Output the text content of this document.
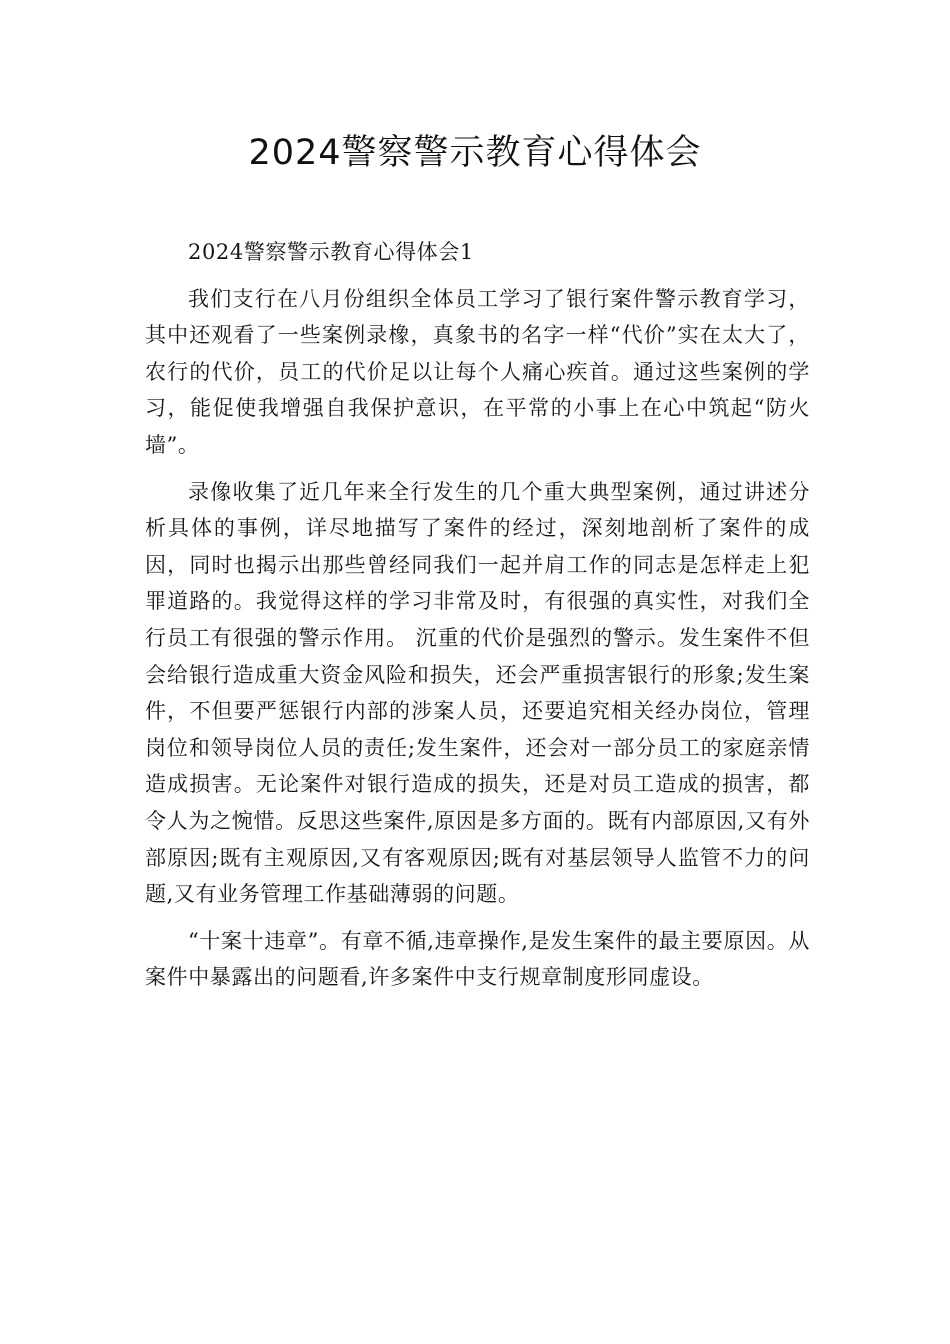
2024警察警示教育心得体会

2024警察警示教育心得体会1

我们支行在八月份组织全体员工学习了银行案件警示教育学习，其中还观看了一些案例录橡，真象书的名字一样“代价”实在太大了，农行的代价，员工的代价足以让每个人痛心疾首。通过这些案例的学习，能促使我增强自我保护意识，在平常的小事上在心中筑起“防火墙”。

录像收集了近几年来全行发生的几个重大典型案例，通过讲述分析具体的事例，详尽地描写了案件的经过，深刻地剖析了案件的成因，同时也揭示出那些曾经同我们一起并肩工作的同志是怎样走上犯罪道路的。我觉得这样的学习非常及时，有很强的真实性，对我们全行员工有很强的警示作用。 沉重的代价是强烈的警示。发生案件不但会给银行造成重大资金风险和损失，还会严重损害银行的形象;发生案件，不但要严惩银行内部的涉案人员，还要追究相关经办岗位，管理岗位和领导岗位人员的责任;发生案件，还会对一部分员工的家庭亲情造成损害。无论案件对银行造成的损失，还是对员工造成的损害，都令人为之惋惜。反思这些案件,原因是多方面的。既有内部原因,又有外部原因;既有主观原因,又有客观原因;既有对基层领导人监管不力的问题,又有业务管理工作基础薄弱的问题。

“十案十违章”。有章不循,违章操作,是发生案件的最主要原因。从案件中暴露出的问题看,许多案件中支行规章制度形同虚设。
